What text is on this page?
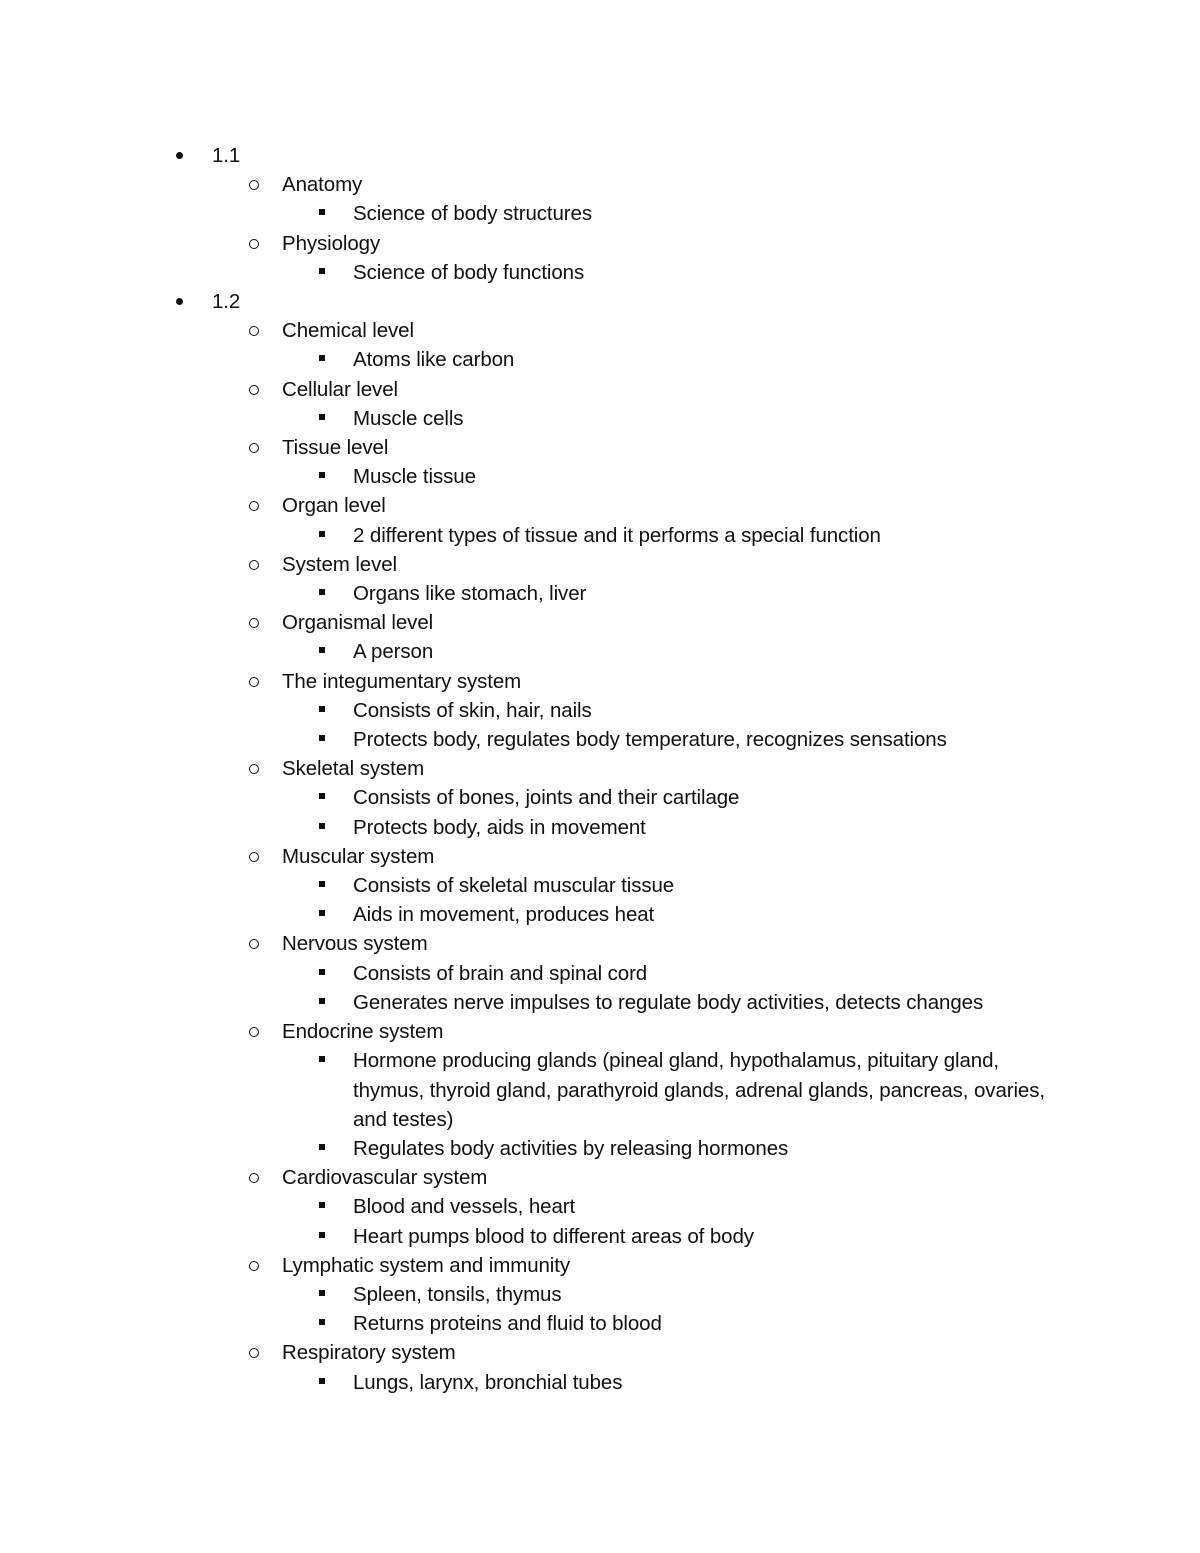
1.1
Anatomy
Science of body structures
Physiology
Science of body functions
1.2
Chemical level
Atoms like carbon
Cellular level
Muscle cells
Tissue level
Muscle tissue
Organ level
2 different types of tissue and it performs a special function
System level
Organs like stomach, liver
Organismal level
A person
The integumentary system
Consists of skin, hair, nails
Protects body, regulates body temperature, recognizes sensations
Skeletal system
Consists of bones, joints and their cartilage
Protects body, aids in movement
Muscular system
Consists of skeletal muscular tissue
Aids in movement, produces heat
Nervous system
Consists of brain and spinal cord
Generates nerve impulses to regulate body activities, detects changes
Endocrine system
Hormone producing glands (pineal gland, hypothalamus, pituitary gland, thymus, thyroid gland, parathyroid glands, adrenal glands, pancreas, ovaries, and testes)
Regulates body activities by releasing hormones
Cardiovascular system
Blood and vessels, heart
Heart pumps blood to different areas of body
Lymphatic system and immunity
Spleen, tonsils, thymus
Returns proteins and fluid to blood
Respiratory system
Lungs, larynx, bronchial tubes
